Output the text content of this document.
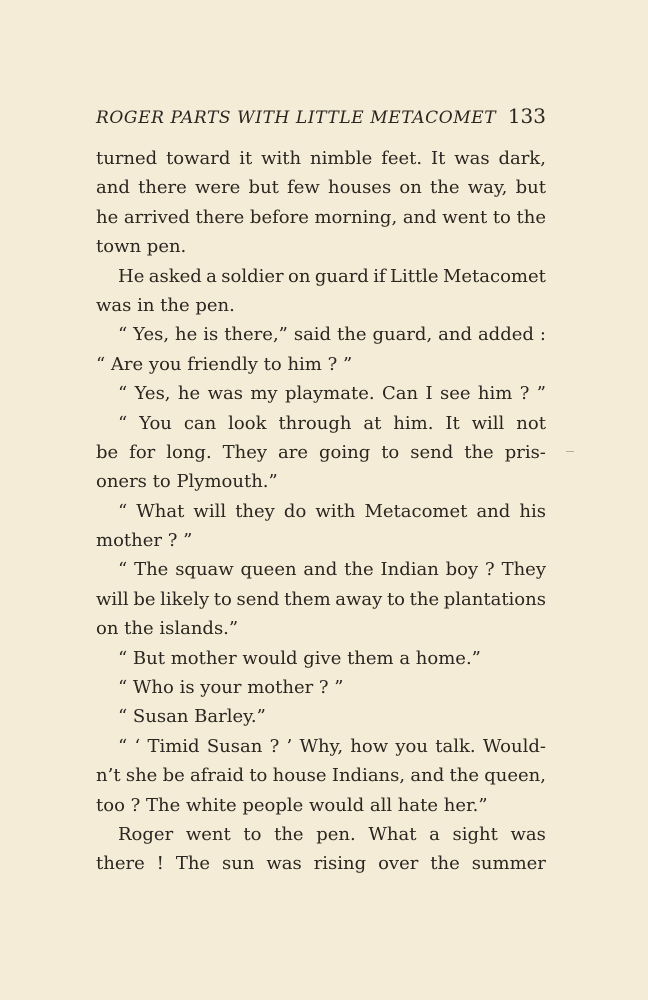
ROGER PARTS WITH LITTLE METACOMET 133
turned toward it with nimble feet. It was dark,
and there were but few houses on the way, but
he arrived there before morning, and went to the
town pen.
He asked a soldier on guard if Little Metacomet
was in the pen.
“ Yes, he is there,” said the guard, and added :
“ Are you friendly to him ? ”
“ Yes, he was my playmate. Can I see him ? ”
“ You can look through at him. It will not
be for long. They are going to send the pris-
oners to Plymouth.”
“ What will they do with Metacomet and his
mother ? ”
“ The squaw queen and the Indian boy ? They
will be likely to send them away to the plantations
on the islands.”
“ But mother would give them a home.”
“ Who is your mother ? ”
“ Susan Barley.”
“ ‘ Timid Susan ? ’ Why, how you talk. Would-
n’t she be afraid to house Indians, and the queen,
too ? The white people would all hate her.”
Roger went to the pen. What a sight was
there ! The sun was rising over the summer
